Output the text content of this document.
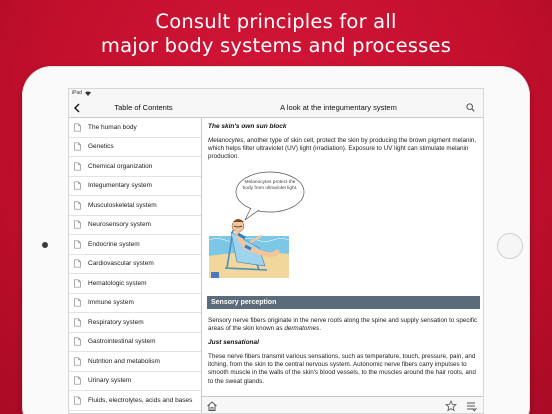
Consult principles for all
major body systems and processes
iPad
Table of Contents	A look at the integumentary system
The human body
Genetics
Chemical organization
Integumentary system
Musculoskeletal system
Neurosensory system
Endocrine system
Cardiovascular system
Hematologic system
Immune system
Respiratory system
Gastrointestinal system
Nutrition and metabolism
Urinary system
Fluids, electrolytes, acids and bases
The skin's own sun block

Melanocytes, another type of skin cell, protect the skin by producing the brown pigment melanin, which helps filter ultraviolet (UV) light (irradiation). Exposure to UV light can stimulate melanin production.

Melanocytes protect the body from ultraviolet light.
Sensory perception

Sensory nerve fibers originate in the nerve roots along the spine and supply sensation to specific areas of the skin known as dermatomes.

Just sensational

These nerve fibers transmit various sensations, such as temperature, touch, pressure, pain, and itching, from the skin to the central nervous system. Autonomic nerve fibers carry impulses to smooth muscle in the walls of the skin's blood vessels, to the muscles around the hair roots, and to the sweat glands.
